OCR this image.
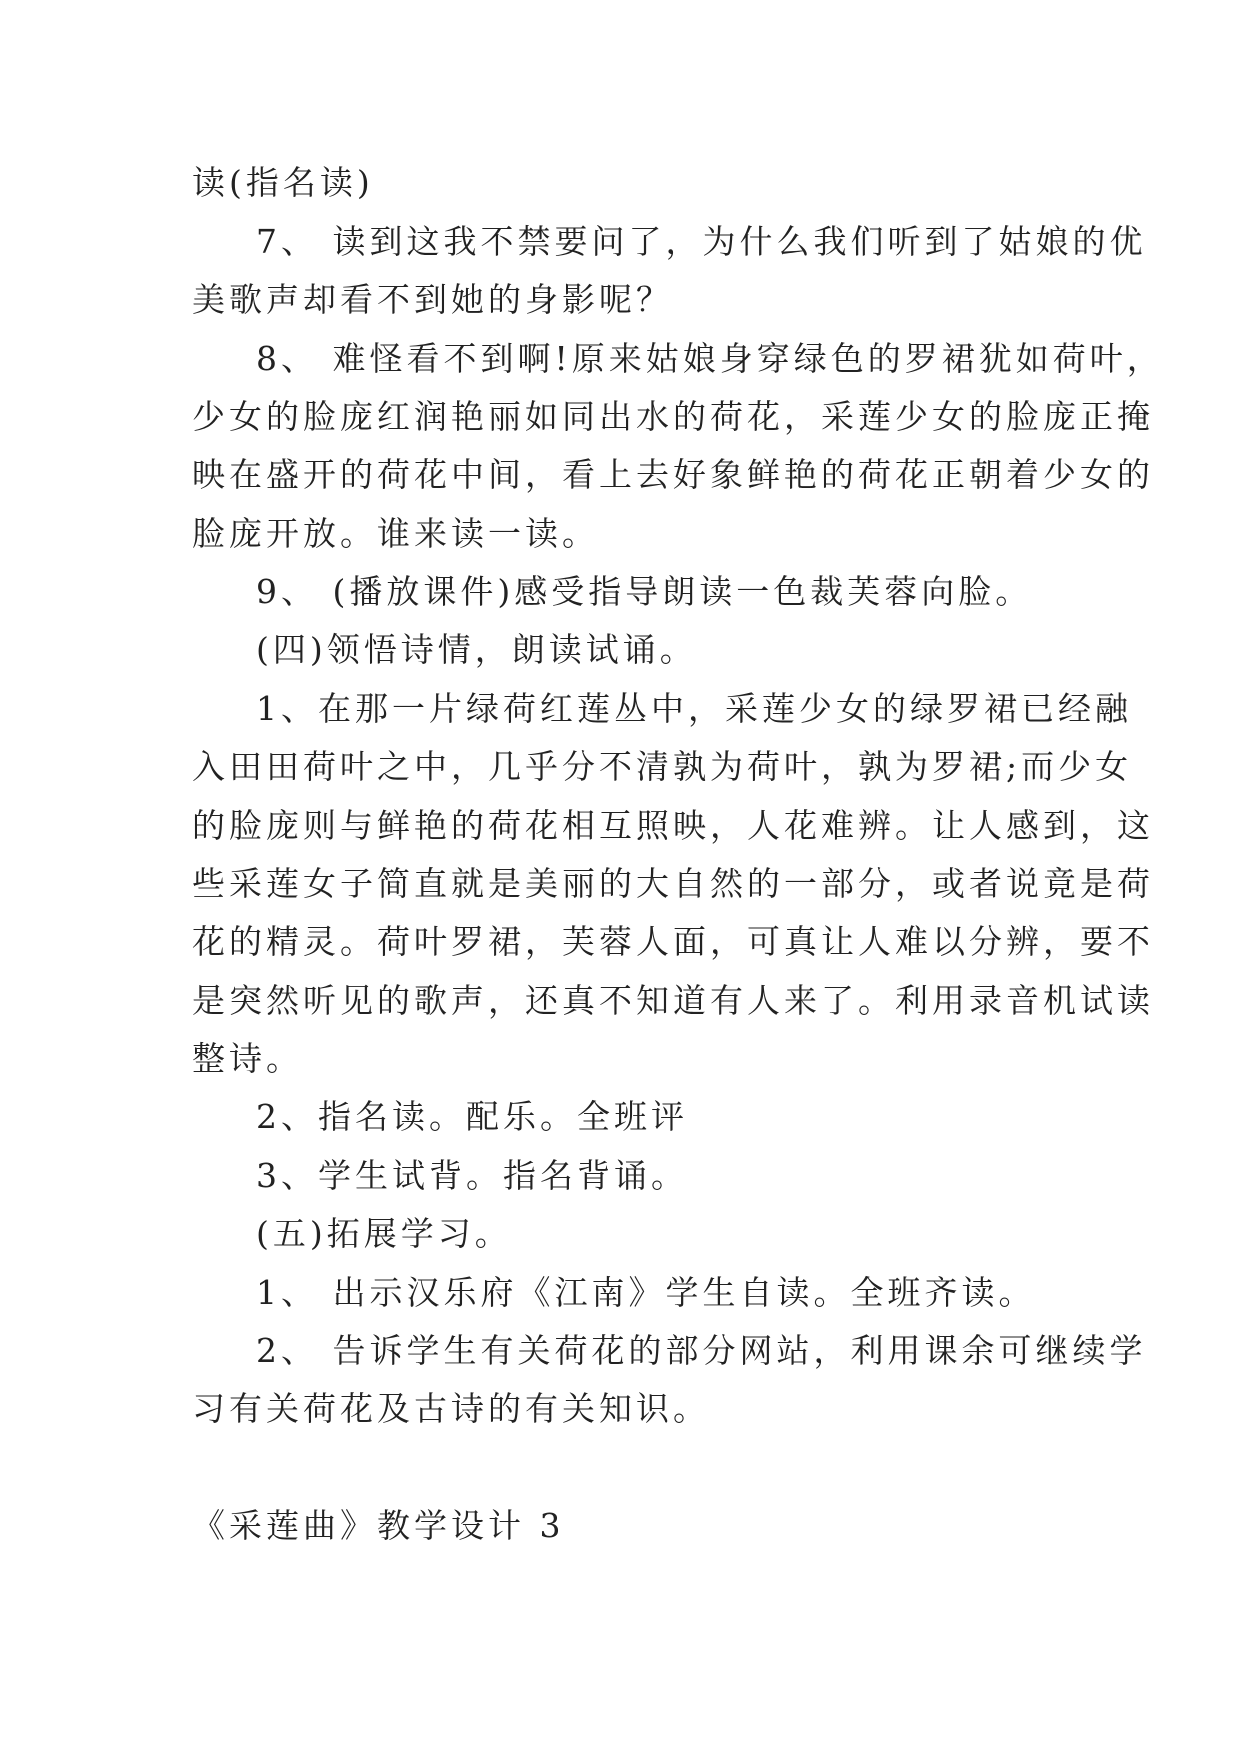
读(指名读)
7、 读到这我不禁要问了，为什么我们听到了姑娘的优
美歌声却看不到她的身影呢？
8、 难怪看不到啊!原来姑娘身穿绿色的罗裙犹如荷叶，
少女的脸庞红润艳丽如同出水的荷花，采莲少女的脸庞正掩
映在盛开的荷花中间，看上去好象鲜艳的荷花正朝着少女的
脸庞开放。谁来读一读。
9、 (播放课件)感受指导朗读一色裁芙蓉向脸。
(四)领悟诗情，朗读试诵。
1、在那一片绿荷红莲丛中，采莲少女的绿罗裙已经融
入田田荷叶之中，几乎分不清孰为荷叶，孰为罗裙;而少女
的脸庞则与鲜艳的荷花相互照映，人花难辨。让人感到，这
些采莲女子简直就是美丽的大自然的一部分，或者说竟是荷
花的精灵。荷叶罗裙，芙蓉人面，可真让人难以分辨，要不
是突然听见的歌声，还真不知道有人来了。利用录音机试读
整诗。
2、指名读。配乐。全班评
3、学生试背。指名背诵。
(五)拓展学习。
1、 出示汉乐府《江南》学生自读。全班齐读。
2、 告诉学生有关荷花的部分网站，利用课余可继续学
习有关荷花及古诗的有关知识。
《采莲曲》教学设计 3
